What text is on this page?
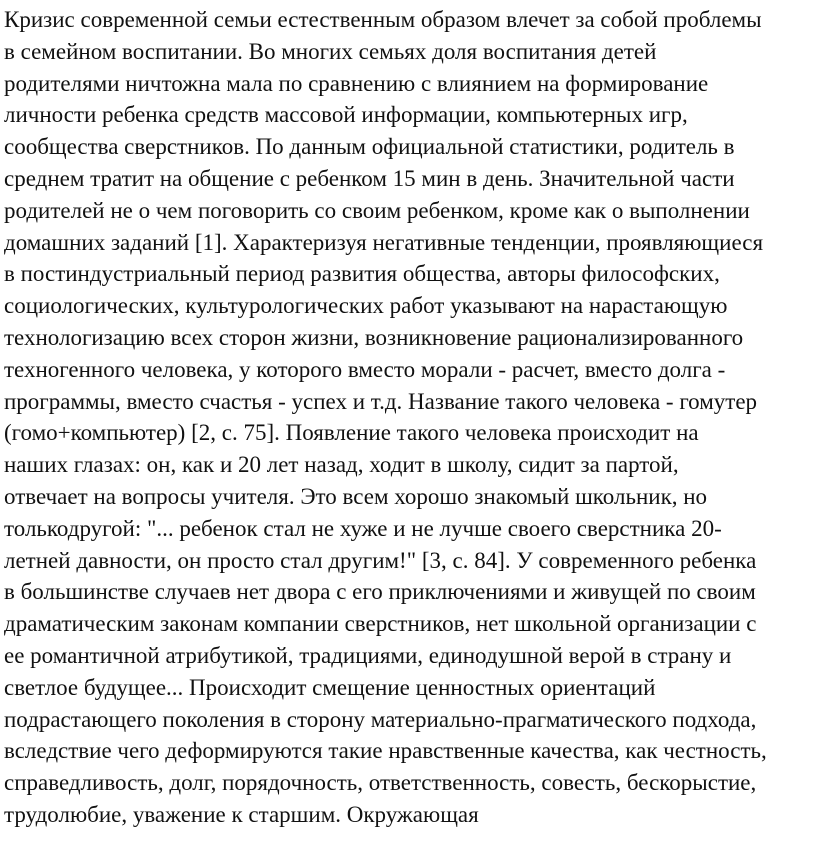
Кризис современной семьи естественным образом влечет за собой проблемы
в семейном воспитании. Во многих семьях доля воспитания детей
родителями ничтожна мала по сравнению с влиянием на формирование
личности ребенка средств массовой информации, компьютерных игр,
сообщества сверстников. По данным официальной статистики, родитель в
среднем тратит на общение с ребенком 15 мин в день. Значительной части
родителей не о чем поговорить со своим ребенком, кроме как о выполнении
домашних заданий [1]. Характеризуя негативные тенденции, проявляющиеся
в постиндустриальный период развития общества, авторы философских,
социологических, культурологических работ указывают на нарастающую
технологизацию всех сторон жизни, возникновение рационализированного
техногенного человека, у которого вместо морали - расчет, вместо долга -
программы, вместо счастья - успех и т.д. Название такого человека - гомутер
(гомо+компьютер) [2, с. 75]. Появление такого человека происходит на
наших глазах: он, как и 20 лет назад, ходит в школу, сидит за партой,
отвечает на вопросы учителя. Это всем хорошо знакомый школьник, но
толькодругой: "... ребенок стал не хуже и не лучше своего сверстника 20-
летней давности, он просто стал другим!" [3, с. 84]. У современного ребенка
в большинстве случаев нет двора с его приключениями и живущей по своим
драматическим законам компании сверстников, нет школьной организации с
ее романтичной атрибутикой, традициями, единодушной верой в страну и
светлое будущее... Происходит смещение ценностных ориентаций
подрастающего поколения в сторону материально-прагматического подхода,
вследствие чего деформируются такие нравственные качества, как честность,
справедливость, долг, порядочность, ответственность, совесть, бескорыстие,
трудолюбие, уважение к старшим. Окружающая
